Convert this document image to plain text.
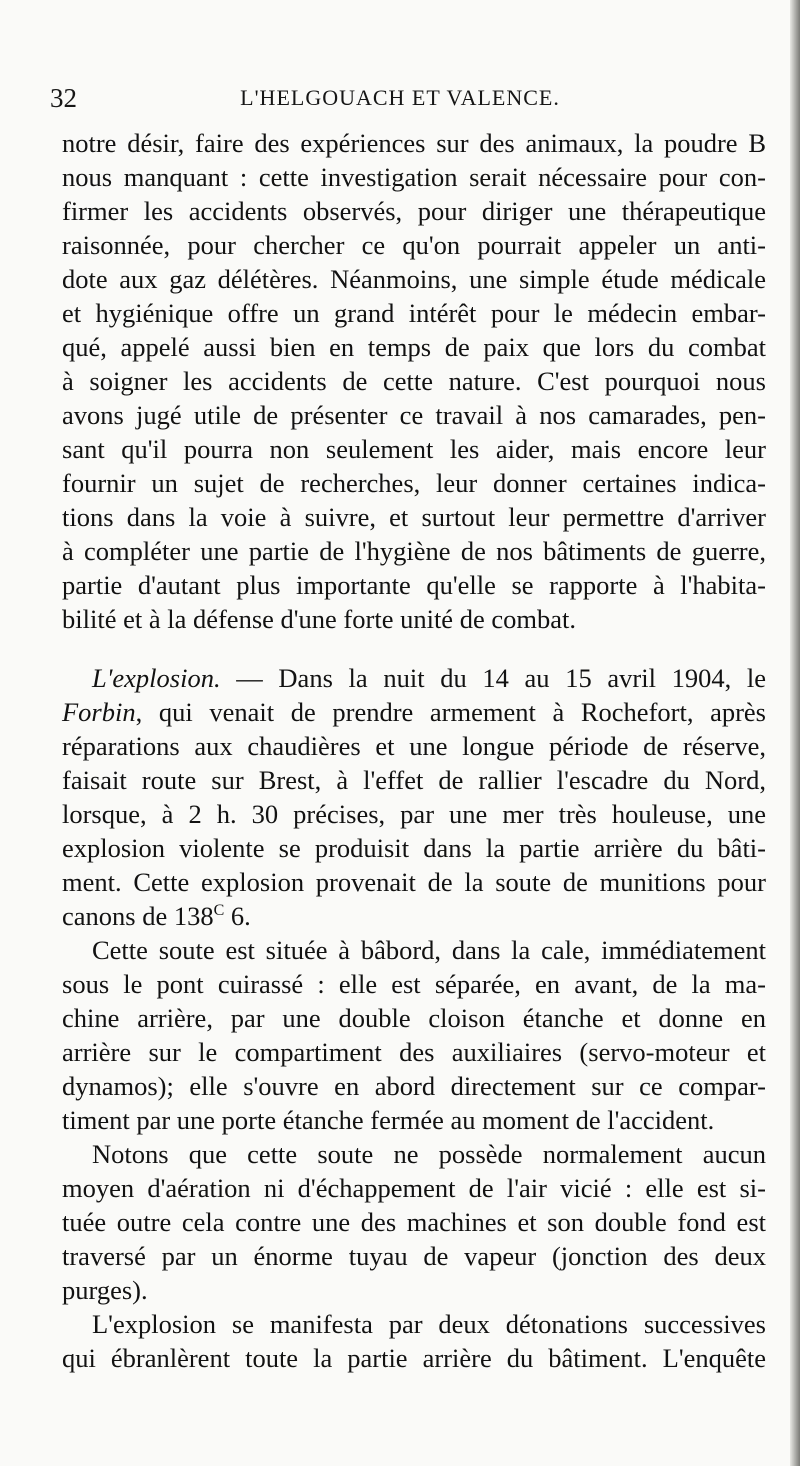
32	L'HELGOUACH ET VALENCE.
notre désir, faire des expériences sur des animaux, la poudre B
nous manquant : cette investigation serait nécessaire pour con-
firmer les accidents observés, pour diriger une thérapeutique
raisonnée, pour chercher ce qu'on pourrait appeler un anti-
dote aux gaz délétères. Néanmoins, une simple étude médicale
et hygiénique offre un grand intérêt pour le médecin embar-
qué, appelé aussi bien en temps de paix que lors du combat
à soigner les accidents de cette nature. C'est pourquoi nous
avons jugé utile de présenter ce travail à nos camarades, pen-
sant qu'il pourra non seulement les aider, mais encore leur
fournir un sujet de recherches, leur donner certaines indica-
tions dans la voie à suivre, et surtout leur permettre d'arriver
à compléter une partie de l'hygiène de nos bâtiments de guerre,
partie d'autant plus importante qu'elle se rapporte à l'habita-
bilité et à la défense d'une forte unité de combat.
L'explosion. — Dans la nuit du 14 au 15 avril 1904, le
Forbin, qui venait de prendre armement à Rochefort, après
réparations aux chaudières et une longue période de réserve,
faisait route sur Brest, à l'effet de rallier l'escadre du Nord,
lorsque, à 2 h. 30 précises, par une mer très houleuse, une
explosion violente se produisit dans la partie arrière du bâti-
ment. Cette explosion provenait de la soute de munitions pour
canons de $138^C$ 6.
Cette soute est située à bâbord, dans la cale, immédiatement
sous le pont cuirassé : elle est séparée, en avant, de la ma-
chine arrière, par une double cloison étanche et donne en
arrière sur le compartiment des auxiliaires (servo-moteur et
dynamos); elle s'ouvre en abord directement sur ce compar-
timent par une porte étanche fermée au moment de l'accident.
Notons que cette soute ne possède normalement aucun
moyen d'aération ni d'échappement de l'air vicié : elle est si-
tuée outre cela contre une des machines et son double fond est
traversé par un énorme tuyau de vapeur (jonction des deux
purges).
L'explosion se manifesta par deux détonations successives
qui ébranlèrent toute la partie arrière du bâtiment. L'enquête
